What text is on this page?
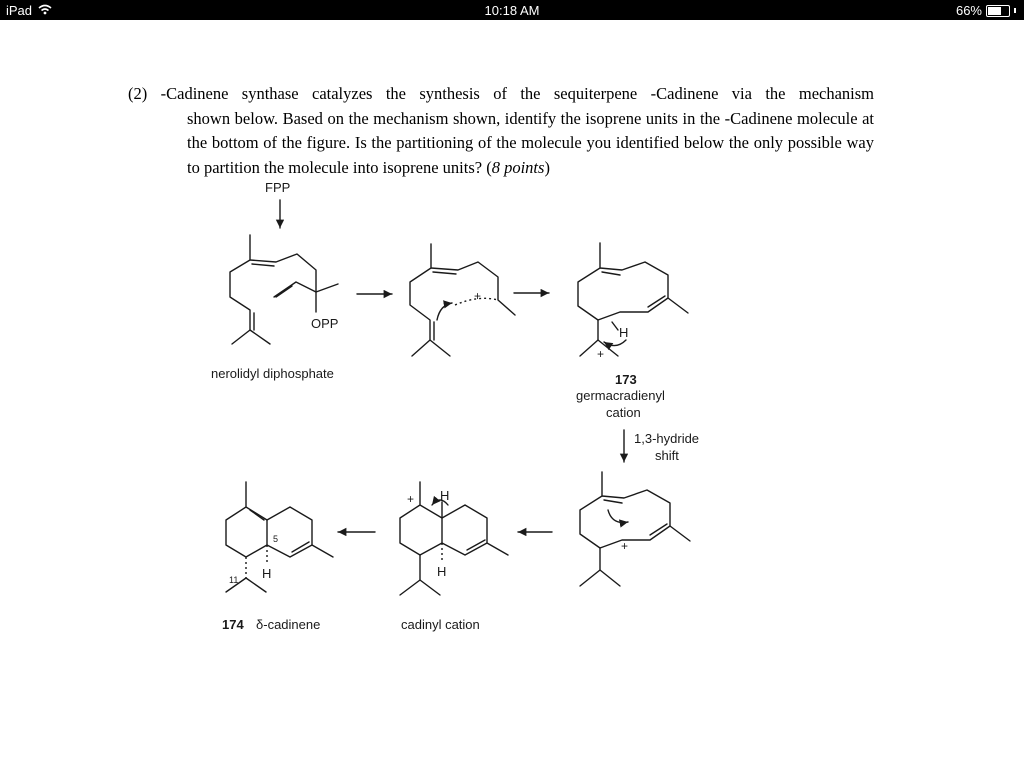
iPad	10:18 AM	66%
(2) -Cadinene synthase catalyzes the synthesis of the sequiterpene -Cadinene via the mechanism
shown below. Based on the mechanism shown, identify the isoprene units in the -Cadinene molecule at the bottom of the figure. Is the partitioning of the molecule you identified below the only possible way to partition the molecule into isoprene units? (8 points)
FPP
OPP
nerolidyl diphosphate
+
H
+
173
germacradienyl
cation
1,3-hydride
shift
+
+ H
H
cadinyl cation
5
11 H
174 δ-cadinene
